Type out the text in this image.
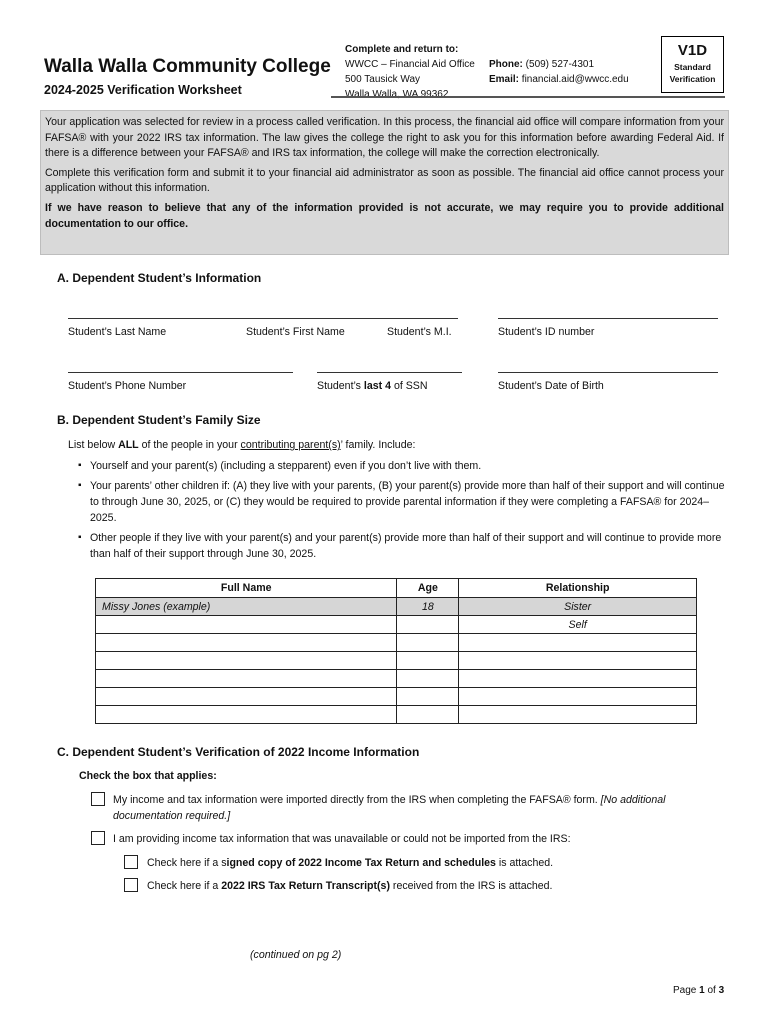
Walla Walla Community College
2024-2025 Verification Worksheet
Complete and return to:
WWCC – Financial Aid Office
500 Tausick Way
Walla Walla, WA 99362
Phone: (509) 527-4301
Email: financial.aid@wwcc.edu
V1D
Standard
Verification

Your application was selected for review in a process called verification. In this process, the financial aid office will compare information from your FAFSA® with your 2022 IRS tax information. The law gives the college the right to ask you for this information before awarding Federal Aid. If there is a difference between your FAFSA® and IRS tax information, the college will make the correction electronically.

Complete this verification form and submit it to your financial aid administrator as soon as possible. The financial aid office cannot process your application without this information.

If we have reason to believe that any of the information provided is not accurate, we may require you to provide additional documentation to our office.

A. Dependent Student’s Information
Student’s Last Name	Student’s First Name	Student’s M.I.	Student’s ID number
Student’s Phone Number	Student’s last 4 of SSN	Student’s Date of Birth
B. Dependent Student’s Family Size
List below ALL of the people in your contributing parent(s)’ family. Include:
▪ Yourself and your parent(s) (including a stepparent) even if you don’t live with them.
▪ Your parents’ other children if: (A) they live with your parents, (B) your parent(s) provide more than half of their support and will continue to through June 30, 2025, or (C) they would be required to provide parental information if they were completing a FAFSA® for 2024–2025.
▪ Other people if they live with your parent(s) and your parent(s) provide more than half of their support and will continue to provide more than half of their support through June 30, 2025.
Full Name	Age	Relationship
Missy Jones (example)	18	Sister
		Self

C. Dependent Student’s Verification of 2022 Income Information
Check the box that applies:
My income and tax information were imported directly from the IRS when completing the FAFSA® form. [No additional documentation required.]
I am providing income tax information that was unavailable or could not be imported from the IRS:
Check here if a signed copy of 2022 Income Tax Return and schedules is attached.
Check here if a 2022 IRS Tax Return Transcript(s) received from the IRS is attached.
(continued on pg 2)
Page 1 of 3
